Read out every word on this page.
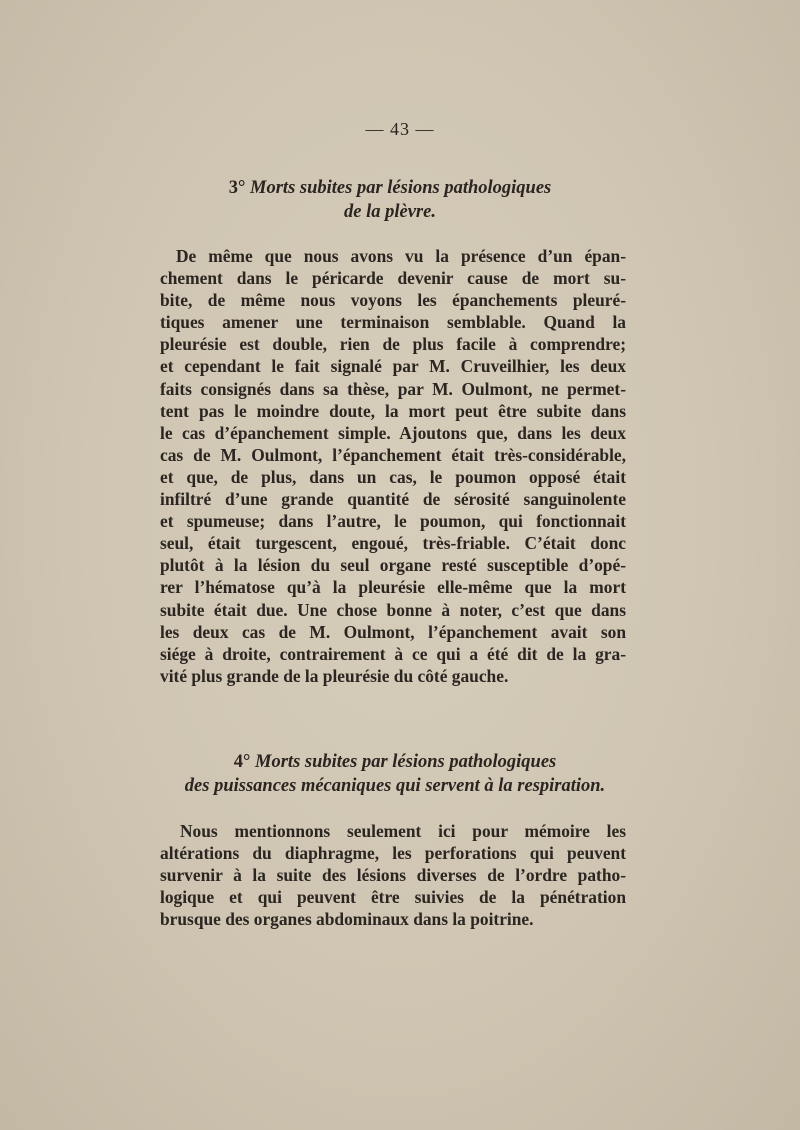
— 43 —
3° Morts subites par lésions pathologiques
de la plèvre.
De même que nous avons vu la présence d’un épan-
chement dans le péricarde devenir cause de mort su-
bite, de même nous voyons les épanchements pleuré-
tiques amener une terminaison semblable. Quand la
pleurésie est double, rien de plus facile à comprendre;
et cependant le fait signalé par M. Cruveilhier, les deux
faits consignés dans sa thèse, par M. Oulmont, ne permet-
tent pas le moindre doute, la mort peut être subite dans
le cas d’épanchement simple. Ajoutons que, dans les deux
cas de M. Oulmont, l’épanchement était très-considérable,
et que, de plus, dans un cas, le poumon opposé était
infiltré d’une grande quantité de sérosité sanguinolente
et spumeuse; dans l’autre, le poumon, qui fonctionnait
seul, était turgescent, engoué, très-friable. C’était donc
plutôt à la lésion du seul organe resté susceptible d’opé-
rer l’hématose qu’à la pleurésie elle-même que la mort
subite était due. Une chose bonne à noter, c’est que dans
les deux cas de M. Oulmont, l’épanchement avait son
siége à droite, contrairement à ce qui a été dit de la gra-
vité plus grande de la pleurésie du côté gauche.
4° Morts subites par lésions pathologiques
des puissances mécaniques qui servent à la respiration.
Nous mentionnons seulement ici pour mémoire les
altérations du diaphragme, les perforations qui peuvent
survenir à la suite des lésions diverses de l’ordre patho-
logique et qui peuvent être suivies de la pénétration
brusque des organes abdominaux dans la poitrine.
